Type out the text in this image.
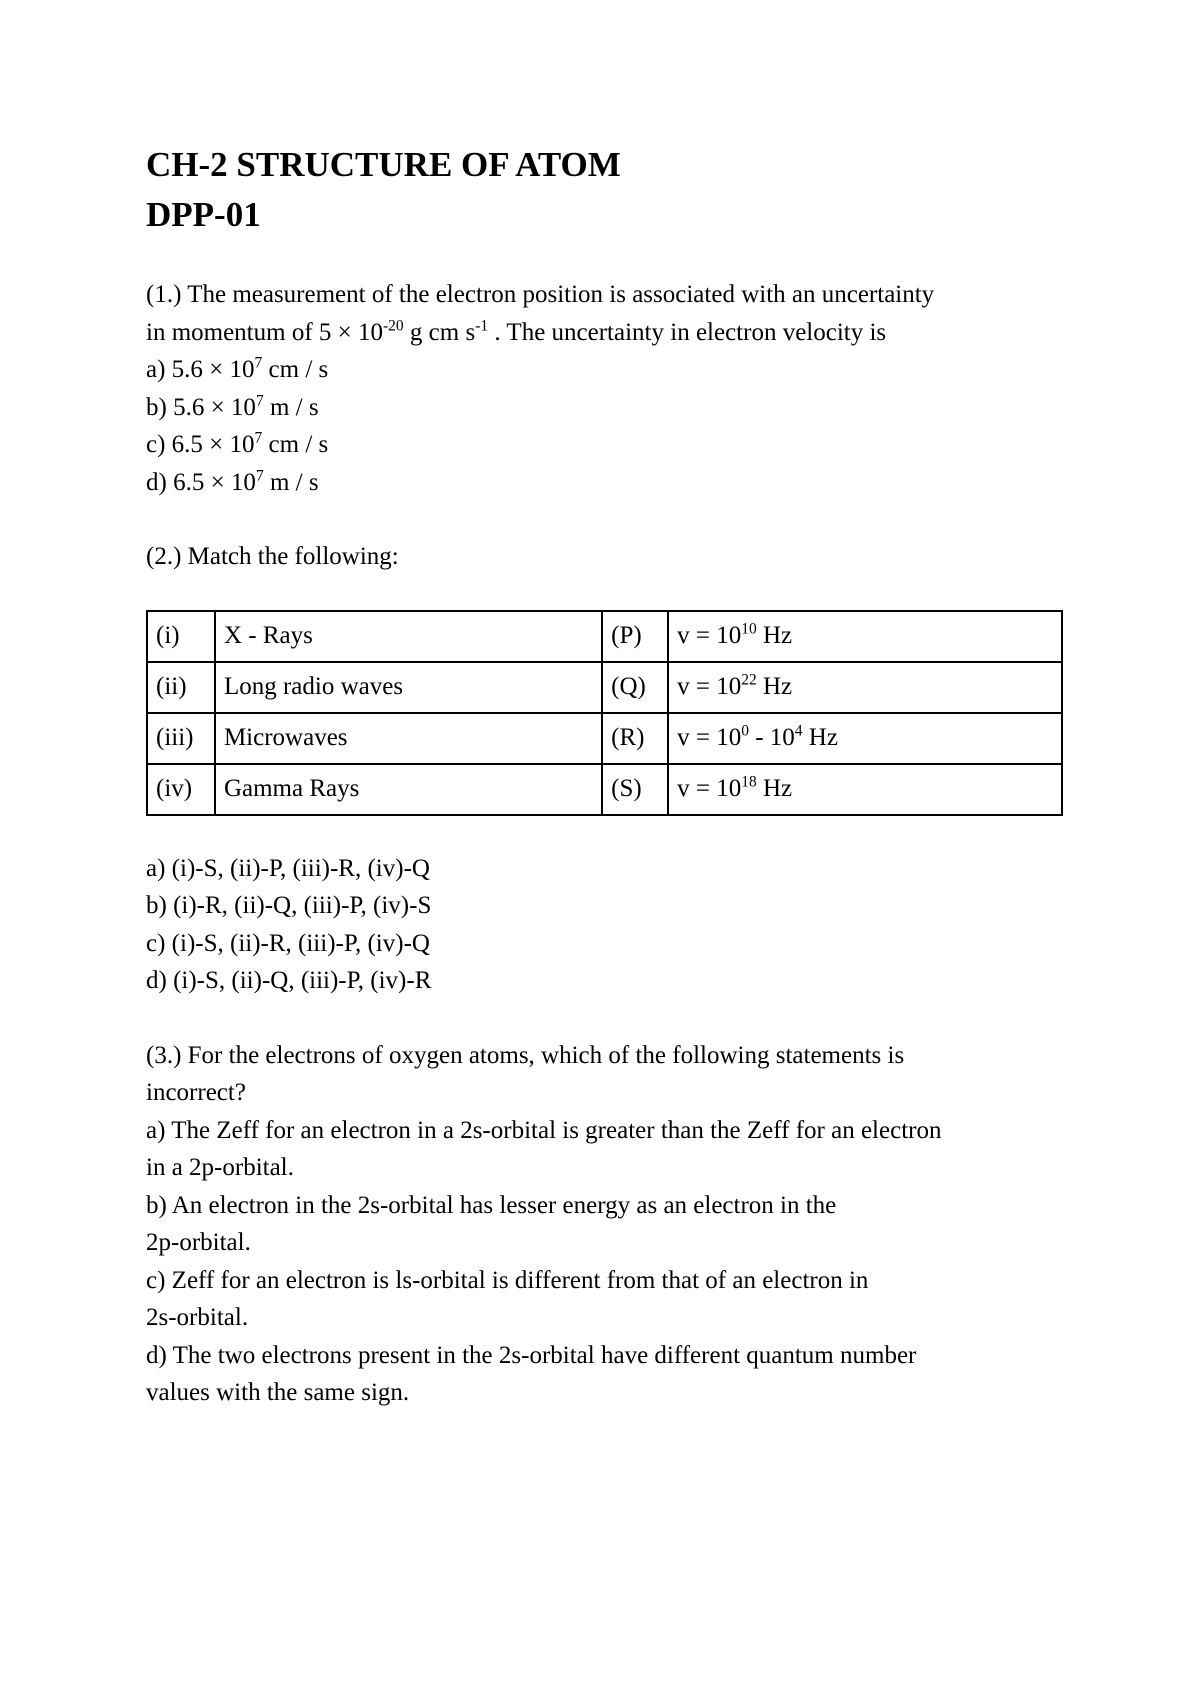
CH-2 STRUCTURE OF ATOM

DPP-01

(1.) The measurement of the electron position is associated with an uncertainty

in momentum of $5 \times 10^{-20}$ g cm $s^{-1}$ . The uncertainty in electron velocity is

a) $5.6 \times 10^7$ cm / s

b) $5.6 \times 10^7$ m / s

c) $6.5 \times 10^7$ cm / s

d) $6.5 \times 10^7$ m / s

(2.) Match the following:

(i)	X - Rays	(P)	$v = 10^{10}$ Hz
(ii)	Long radio waves	(Q)	$v = 10^{22}$ Hz
(iii)	Microwaves	(R)	$v = 10^0 - 10^4$ Hz
(iv)	Gamma Rays	(S)	$v = 10^{18}$ Hz

a) (i)‑S, (ii)‑P, (iii)‑R, (iv)‑Q

b) (i)‑R, (ii)‑Q, (iii)‑P, (iv)‑S

c) (i)‑S, (ii)‑R, (iii)‑P, (iv)‑Q

d) (i)‑S, (ii)‑Q, (iii)‑P, (iv)‑R

(3.) For the electrons of oxygen atoms, which of the following statements is

incorrect?

a) The Zeff for an electron in a 2s‑orbital is greater than the Zeff for an electron

in a 2p‑orbital.

b) An electron in the 2s‑orbital has lesser energy as an electron in the

2p‑orbital.

c) Zeff for an electron is ls‑orbital is different from that of an electron in

2s‑orbital.

d) The two electrons present in the 2s‑orbital have different quantum number

values with the same sign.
